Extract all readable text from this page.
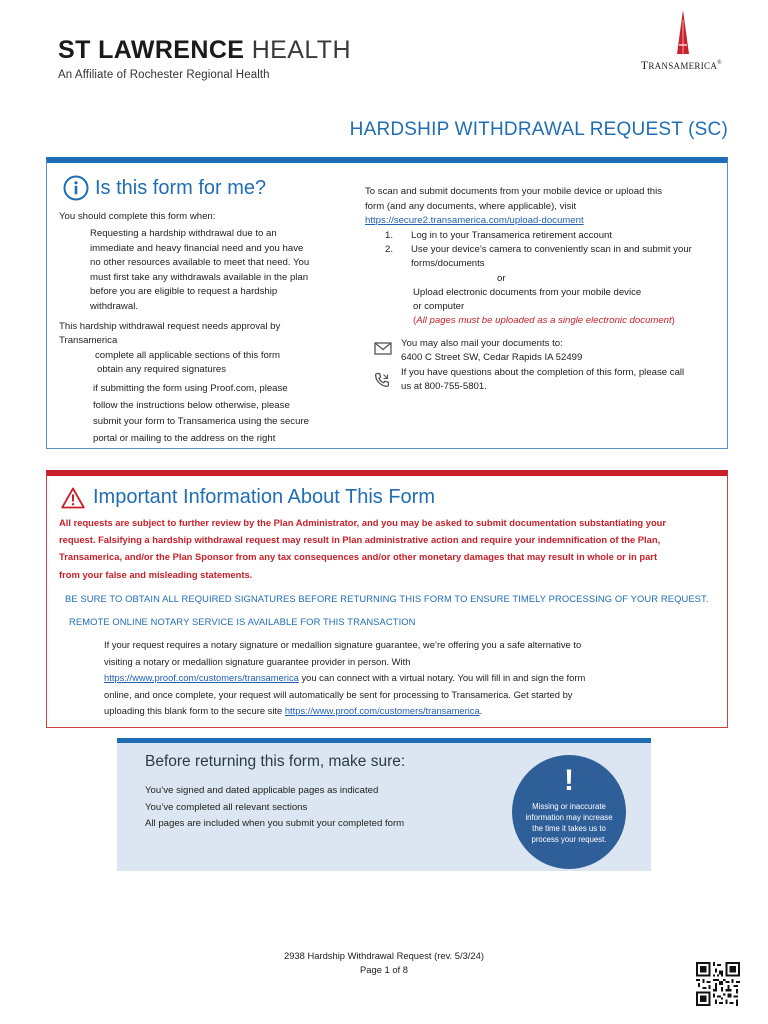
ST LAWRENCE HEALTH
An Affiliate of Rochester Regional Health
TRANSAMERICA®
HARDSHIP WITHDRAWAL REQUEST (SC)
Is this form for me?
You should complete this form when:
Requesting a hardship withdrawal due to an
immediate and heavy financial need and you have
no other resources available to meet that need. You
must first take any withdrawals available in the plan
before you are eligible to request a hardship
withdrawal.
This hardship withdrawal request needs approval by
Transamerica
complete all applicable sections of this form
obtain any required signatures
if submitting the form using Proof.com, please
follow the instructions below otherwise, please
submit your form to Transamerica using the secure
portal or mailing to the address on the right
To scan and submit documents from your mobile device or upload this
form (and any documents, where applicable), visit
https://secure2.transamerica.com/upload-document
1.	Log in to your Transamerica retirement account
2.	Use your device’s camera to conveniently scan in and submit your
forms/documents
or
Upload electronic documents from your mobile device
or computer
(All pages must be uploaded as a single electronic document)
You may also mail your documents to:
6400 C Street SW, Cedar Rapids IA 52499
If you have questions about the completion of this form, please call
us at 800-755-5801.
Important Information About This Form
All requests are subject to further review by the Plan Administrator, and you may be asked to submit documentation substantiating your
request. Falsifying a hardship withdrawal request may result in Plan administrative action and require your indemnification of the Plan,
Transamerica, and/or the Plan Sponsor from any tax consequences and/or other monetary damages that may result in whole or in part
from your false and misleading statements.
BE SURE TO OBTAIN ALL REQUIRED SIGNATURES BEFORE RETURNING THIS FORM TO ENSURE TIMELY PROCESSING OF YOUR REQUEST.
REMOTE ONLINE NOTARY SERVICE IS AVAILABLE FOR THIS TRANSACTION
If your request requires a notary signature or medallion signature guarantee, we’re offering you a safe alternative to
visiting a notary or medallion signature guarantee provider in person. With
https://www.proof.com/customers/transamerica you can connect with a virtual notary. You will fill in and sign the form
online, and once complete, your request will automatically be sent for processing to Transamerica. Get started by
uploading this blank form to the secure site https://www.proof.com/customers/transamerica.
Before returning this form, make sure:
You’ve signed and dated applicable pages as indicated
You’ve completed all relevant sections
All pages are included when you submit your completed form
!
Missing or inaccurate
information may increase
the time it takes us to
process your request.
2938 Hardship Withdrawal Request (rev. 5/3/24)
Page 1 of 8
